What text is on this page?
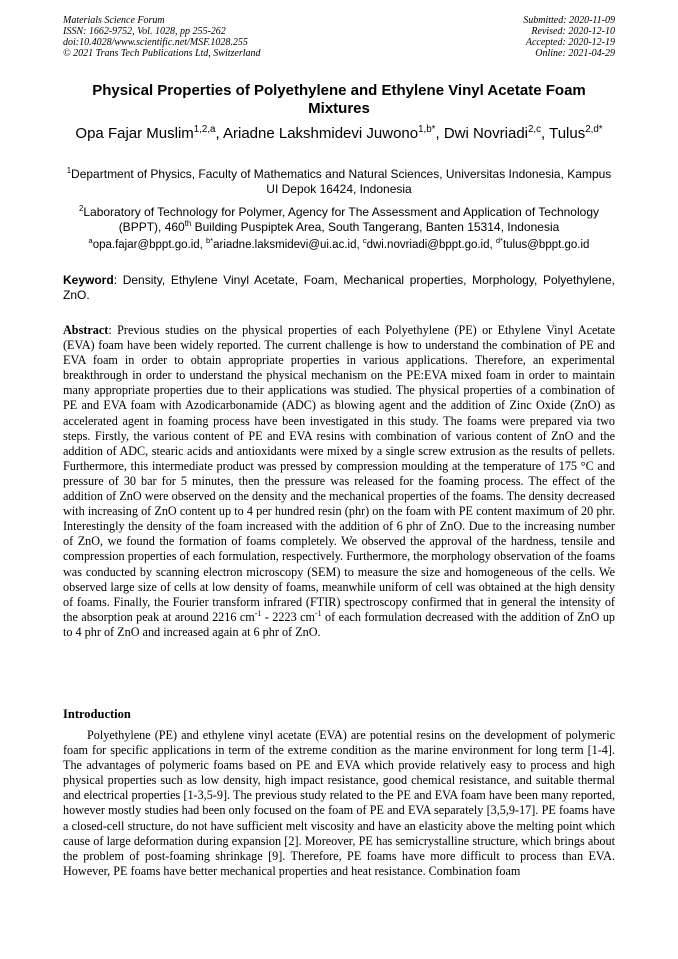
Materials Science Forum
ISSN: 1662-9752, Vol. 1028, pp 255-262
doi:10.4028/www.scientific.net/MSF.1028.255
© 2021 Trans Tech Publications Ltd, Switzerland
Submitted: 2020-11-09
Revised: 2020-12-10
Accepted: 2020-12-19
Online: 2021-04-29
Physical Properties of Polyethylene and Ethylene Vinyl Acetate Foam Mixtures
Opa Fajar Muslim$^{1,2,a}$, Ariadne Lakshmidevi Juwono$^{1,b*}$, Dwi Novriadi$^{2,c}$, Tulus$^{2,d*}$
$^1$Department of Physics, Faculty of Mathematics and Natural Sciences, Universitas Indonesia, Kampus UI Depok 16424, Indonesia
$^2$Laboratory of Technology for Polymer, Agency for The Assessment and Application of Technology (BPPT), 460th Building Puspiptek Area, South Tangerang, Banten 15314, Indonesia
$^a$opa.fajar@bppt.go.id, $^{b*}$ariadne.laksmidevi@ui.ac.id, $^c$dwi.novriadi@bppt.go.id, $^{d*}$tulus@bppt.go.id
Keyword: Density, Ethylene Vinyl Acetate, Foam, Mechanical properties, Morphology, Polyethylene, ZnO.
Abstract: Previous studies on the physical properties of each Polyethylene (PE) or Ethylene Vinyl Acetate (EVA) foam have been widely reported. The current challenge is how to understand the combination of PE and EVA foam in order to obtain appropriate properties in various applications. Therefore, an experimental breakthrough in order to understand the physical mechanism on the PE:EVA mixed foam in order to maintain many appropriate properties due to their applications was studied. The physical properties of a combination of PE and EVA foam with Azodicarbonamide (ADC) as blowing agent and the addition of Zinc Oxide (ZnO) as accelerated agent in foaming process have been investigated in this study. The foams were prepared via two steps. Firstly, the various content of PE and EVA resins with combination of various content of ZnO and the addition of ADC, stearic acids and antioxidants were mixed by a single screw extrusion as the results of pellets. Furthermore, this intermediate product was pressed by compression moulding at the temperature of 175 °C and pressure of 30 bar for 5 minutes, then the pressure was released for the foaming process. The effect of the addition of ZnO were observed on the density and the mechanical properties of the foams. The density decreased with increasing of ZnO content up to 4 per hundred resin (phr) on the foam with PE content maximum of 20 phr. Interestingly the density of the foam increased with the addition of 6 phr of ZnO. Due to the increasing number of ZnO, we found the formation of foams completely. We observed the approval of the hardness, tensile and compression properties of each formulation, respectively. Furthermore, the morphology observation of the foams was conducted by scanning electron microscopy (SEM) to measure the size and homogeneous of the cells. We observed large size of cells at low density of foams, meanwhile uniform of cell was obtained at the high density of foams. Finally, the Fourier transform infrared (FTIR) spectroscopy confirmed that in general the intensity of the absorption peak at around 2216 $cm^{-1} - 2223$ $cm^{-1}$ of each formulation decreased with the addition of ZnO up to 4 phr of ZnO and increased again at 6 phr of ZnO.
Introduction
Polyethylene (PE) and ethylene vinyl acetate (EVA) are potential resins on the development of polymeric foam for specific applications in term of the extreme condition as the marine environment for long term [1-4]. The advantages of polymeric foams based on PE and EVA which provide relatively easy to process and high physical properties such as low density, high impact resistance, good chemical resistance, and suitable thermal and electrical properties [1-3,5-9]. The previous study related to the PE and EVA foam have been many reported, however mostly studies had been only focused on the foam of PE and EVA separately [3,5,9-17]. PE foams have a closed-cell structure, do not have sufficient melt viscosity and have an elasticity above the melting point which cause of large deformation during expansion [2]. Moreover, PE has semicrystalline structure, which brings about the problem of post-foaming shrinkage [9]. Therefore, PE foams have more difficult to process than EVA. However, PE foams have better mechanical properties and heat resistance. Combination foam
